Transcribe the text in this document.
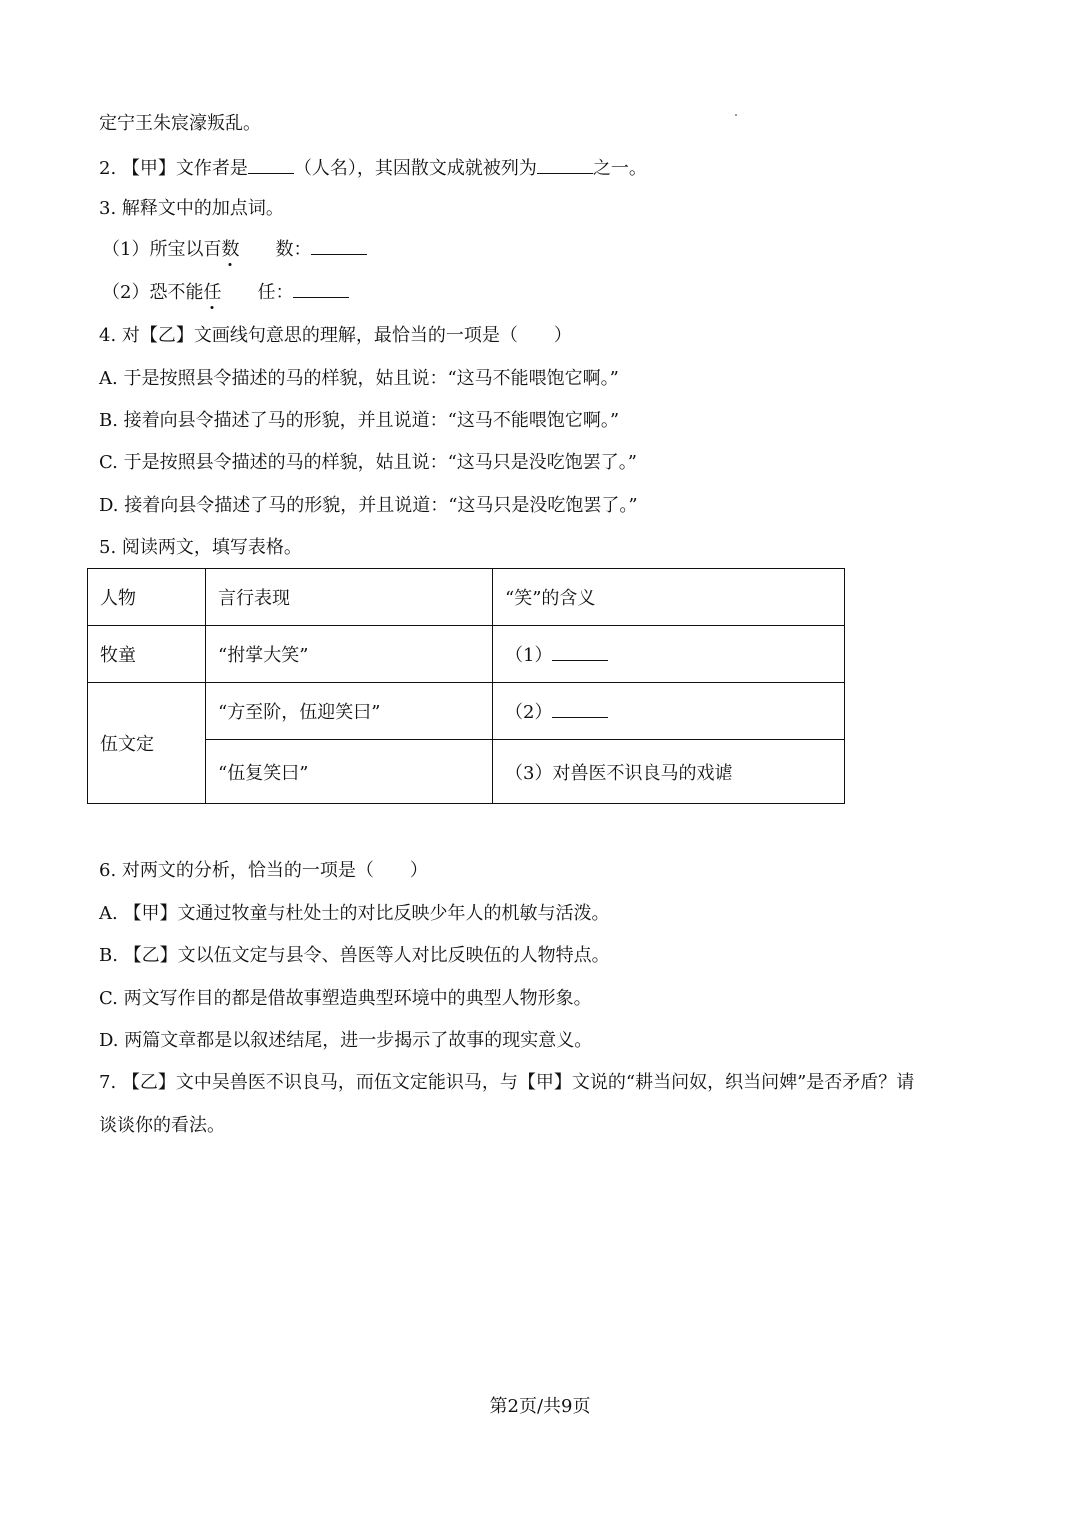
定宁王朱宸濠叛乱。
2. 【甲】文作者是	（人名），其因散文成就被列为	之一。
3. 解释文中的加点词。
（1）所宝以百数 数：
（2）恐不能任 任：
4. 对【乙】文画线句意思的理解，最恰当的一项是（　　）
A. 于是按照县令描述的马的样貌，姑且说：“这马不能喂饱它啊。”
B. 接着向县令描述了马的形貌，并且说道：“这马不能喂饱它啊。”
C. 于是按照县令描述的马的样貌，姑且说：“这马只是没吃饱罢了。”
D. 接着向县令描述了马的形貌，并且说道：“这马只是没吃饱罢了。”
5. 阅读两文，填写表格。
人物	言行表现	“笑”的含义
牧童	“拊掌大笑”	（1）
伍文定	“方至阶，伍迎笑曰”	（2）
	“伍复笑曰”	（3）对兽医不识良马的戏谑
6. 对两文的分析，恰当的一项是（　　）
A. 【甲】文通过牧童与杜处士的对比反映少年人的机敏与活泼。
B. 【乙】文以伍文定与县令、兽医等人对比反映伍的人物特点。
C. 两文写作目的都是借故事塑造典型环境中的典型人物形象。
D. 两篇文章都是以叙述结尾，进一步揭示了故事的现实意义。
7. 【乙】文中吴兽医不识良马，而伍文定能识马，与【甲】文说的“耕当问奴，织当问婢”是否矛盾？请
谈谈你的看法。
第2页/共9页
